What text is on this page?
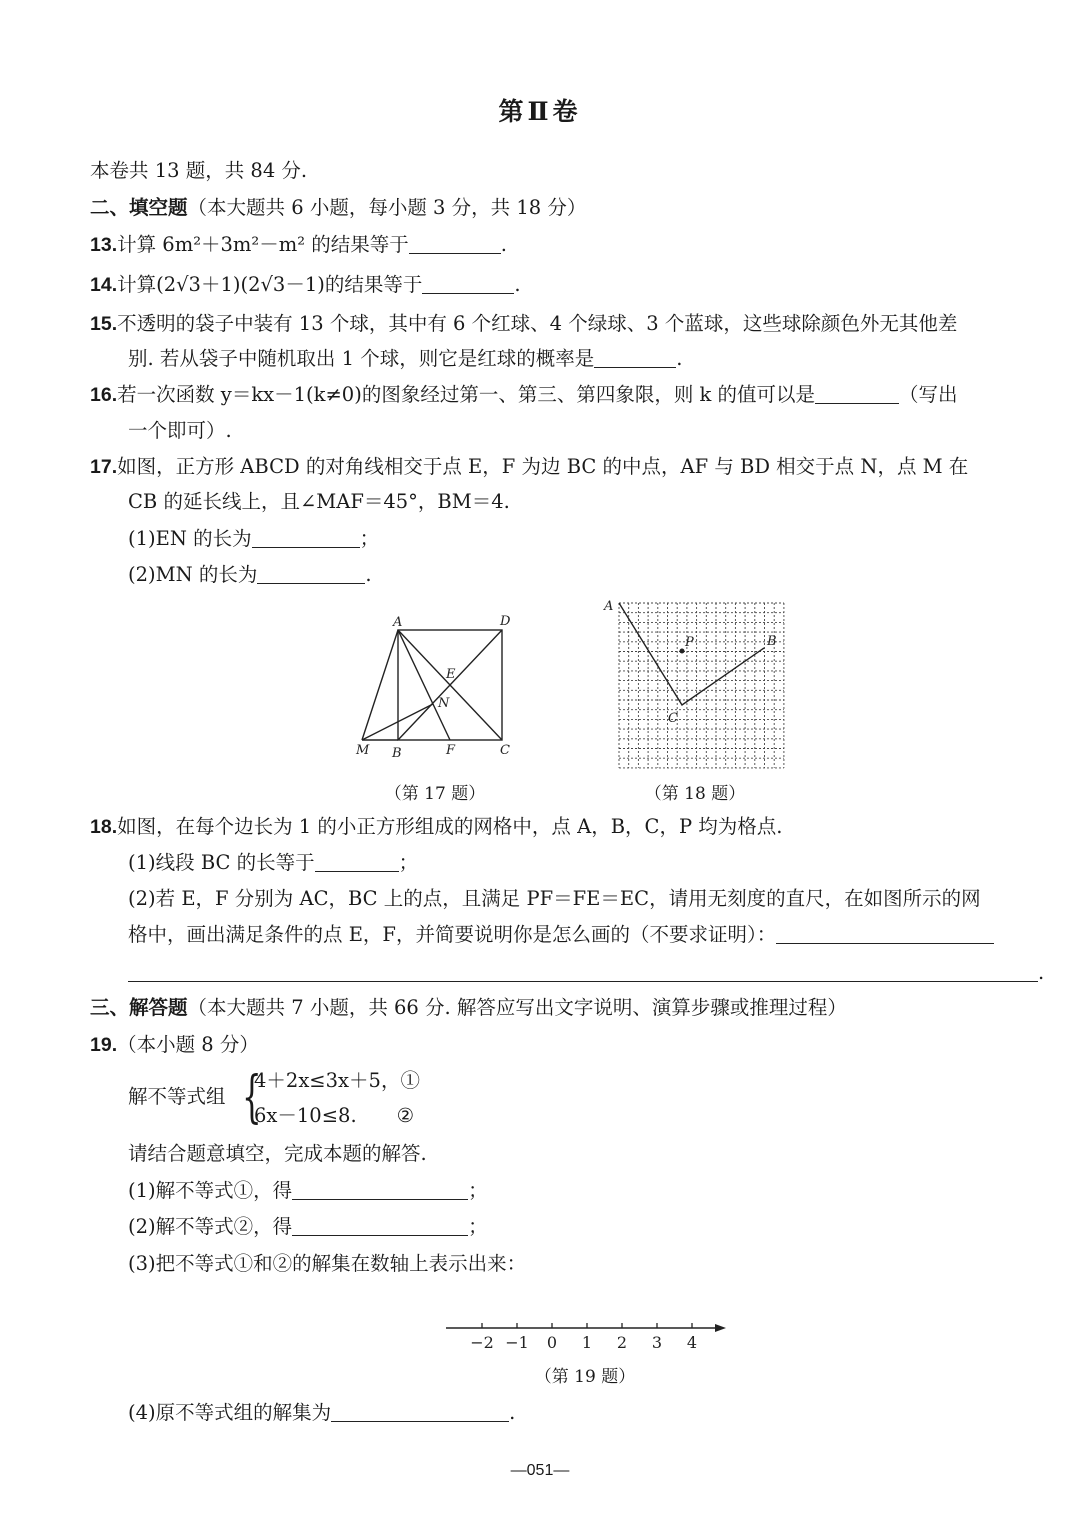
第Ⅱ卷
本卷共 13 题，共 84 分.
二、填空题（本大题共 6 小题，每小题 3 分，共 18 分）
13.计算 6m²＋3m²－m² 的结果等于	.
14.计算(2√3＋1)(2√3－1)的结果等于	.
15.不透明的袋子中装有 13 个球，其中有 6 个红球、4 个绿球、3 个蓝球，这些球除颜色外无其他差
别. 若从袋子中随机取出 1 个球，则它是红球的概率是	.
16.若一次函数 y＝kx－1(k≠0)的图象经过第一、第三、第四象限，则 k 的值可以是	（写出
一个即可）.
17.如图，正方形 ABCD 的对角线相交于点 E，F 为边 BC 的中点，AF 与 BD 相交于点 N，点 M 在
CB 的延长线上，且∠MAF＝45°，BM＝4.
(1)EN 的长为	；
(2)MN 的长为	.
A	D
E
N
M B	F	C
（第 17 题）
A
P	B
C
（第 18 题）
18.如图，在每个边长为 1 的小正方形组成的网格中，点 A，B，C，P 均为格点.
(1)线段 BC 的长等于	；
(2)若 E，F 分别为 AC，BC 上的点，且满足 PF＝FE＝EC，请用无刻度的直尺，在如图所示的网
格中，画出满足条件的点 E，F，并简要说明你是怎么画的（不要求证明）：
.
三、解答题（本大题共 7 小题，共 66 分. 解答应写出文字说明、演算步骤或推理过程）
19.（本小题 8 分）
解不等式组 {
4＋2x≤3x＋5，①
6x－10≤8. ②
请结合题意填空，完成本题的解答.
(1)解不等式①，得	；
(2)解不等式②，得	；
(3)把不等式①和②的解集在数轴上表示出来：
−2 −1 0 1 2 3 4
（第 19 题）
(4)原不等式组的解集为	.
—051—
